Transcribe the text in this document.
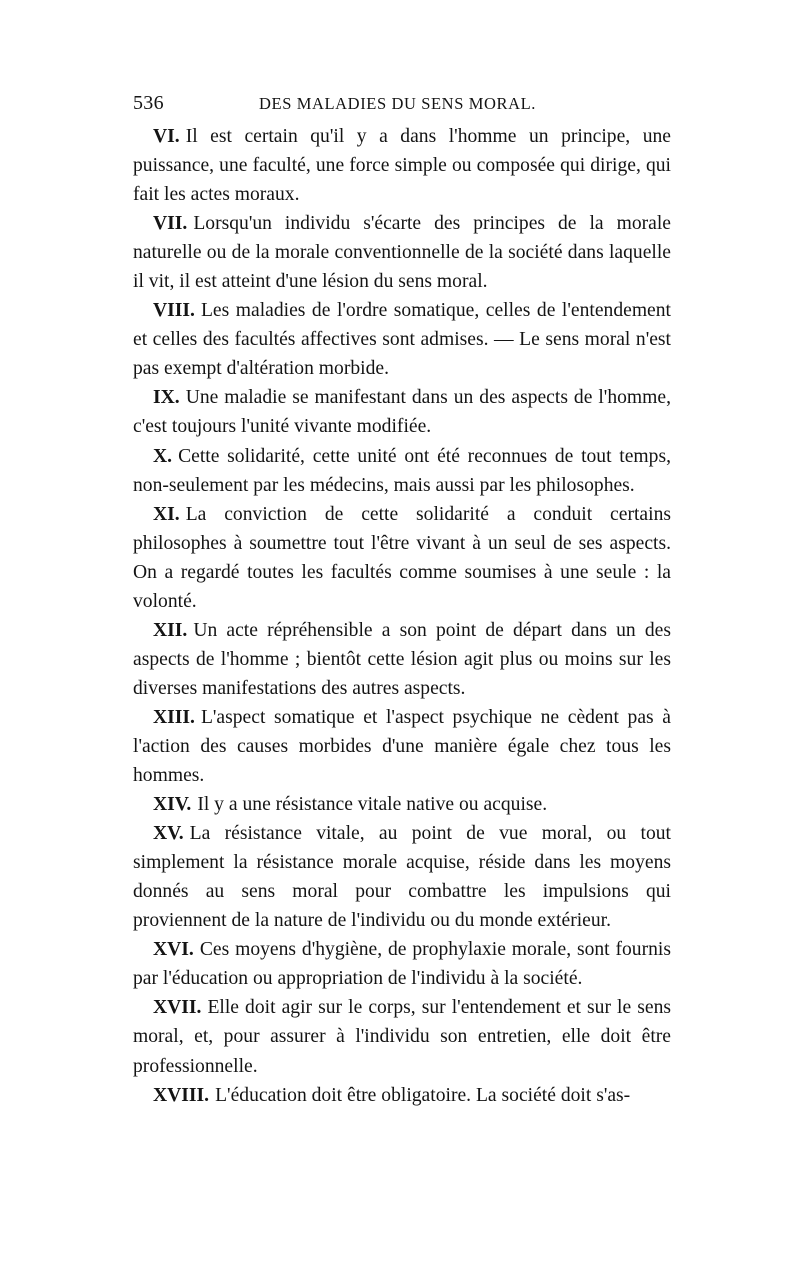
536	DES MALADIES DU SENS MORAL.

VI. Il est certain qu'il y a dans l'homme un principe, une puissance, une faculté, une force simple ou composée qui dirige, qui fait les actes moraux.

VII. Lorsqu'un individu s'écarte des principes de la morale naturelle ou de la morale conventionnelle de la société dans laquelle il vit, il est atteint d'une lésion du sens moral.

VIII. Les maladies de l'ordre somatique, celles de l'entendement et celles des facultés affectives sont admises. — Le sens moral n'est pas exempt d'altération morbide.

IX. Une maladie se manifestant dans un des aspects de l'homme, c'est toujours l'unité vivante modifiée.

X. Cette solidarité, cette unité ont été reconnues de tout temps, non-seulement par les médecins, mais aussi par les philosophes.

XI. La conviction de cette solidarité a conduit certains philosophes à soumettre tout l'être vivant à un seul de ses aspects. On a regardé toutes les facultés comme soumises à une seule : la volonté.

XII. Un acte répréhensible a son point de départ dans un des aspects de l'homme ; bientôt cette lésion agit plus ou moins sur les diverses manifestations des autres aspects.

XIII. L'aspect somatique et l'aspect psychique ne cèdent pas à l'action des causes morbides d'une manière égale chez tous les hommes.

XIV. Il y a une résistance vitale native ou acquise.

XV. La résistance vitale, au point de vue moral, ou tout simplement la résistance morale acquise, réside dans les moyens donnés au sens moral pour combattre les impulsions qui proviennent de la nature de l'individu ou du monde extérieur.

XVI. Ces moyens d'hygiène, de prophylaxie morale, sont fournis par l'éducation ou appropriation de l'individu à la société.

XVII. Elle doit agir sur le corps, sur l'entendement et sur le sens moral, et, pour assurer à l'individu son entretien, elle doit être professionnelle.

XVIII. L'éducation doit être obligatoire. La société doit s'as-
